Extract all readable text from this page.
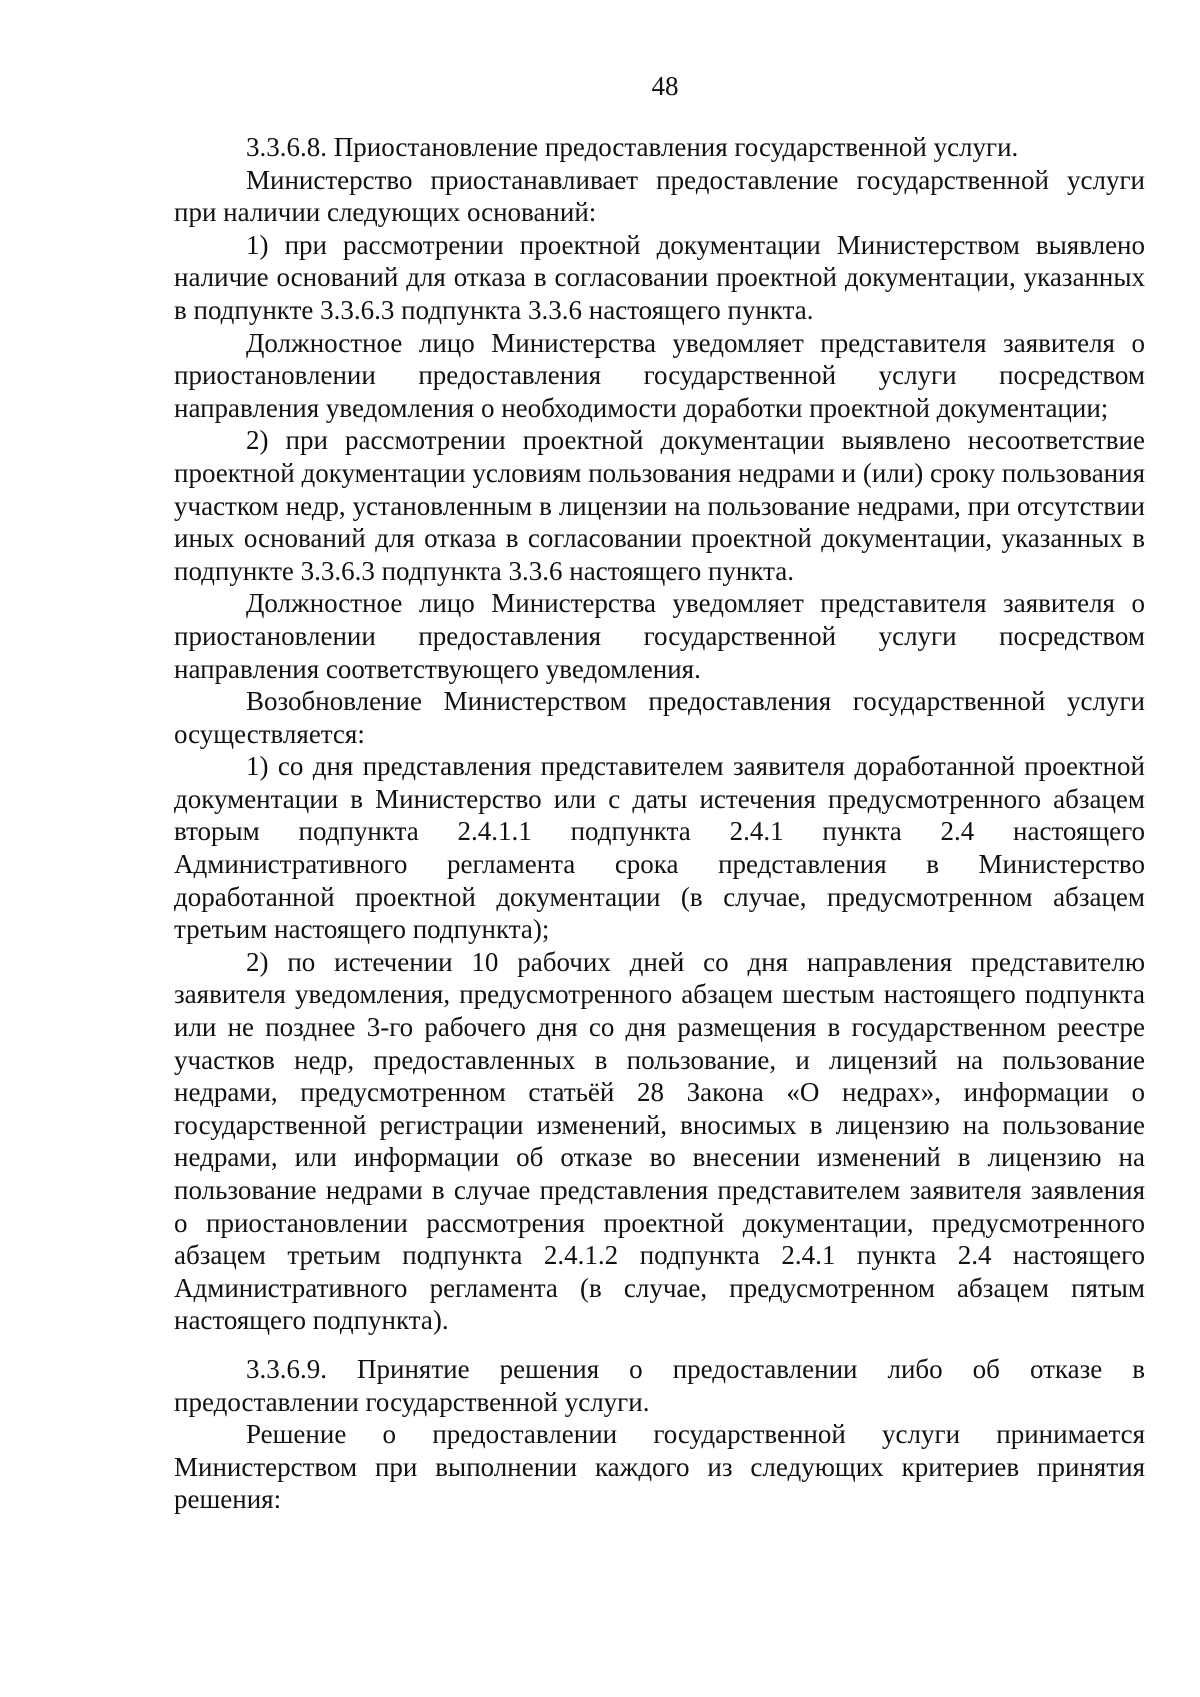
48

3.3.6.8. Приостановление предоставления государственной услуги.

Министерство приостанавливает предоставление государственной услуги при наличии следующих оснований:

1) при рассмотрении проектной документации Министерством выявлено наличие оснований для отказа в согласовании проектной документации, указанных в подпункте 3.3.6.3 подпункта 3.3.6 настоящего пункта.

Должностное лицо Министерства уведомляет представителя заявителя о приостановлении предоставления государственной услуги посредством направления уведомления о необходимости доработки проектной документации;

2) при рассмотрении проектной документации выявлено несоответствие проектной документации условиям пользования недрами и (или) сроку пользования участком недр, установленным в лицензии на пользование недрами, при отсутствии иных оснований для отказа в согласовании проектной документации, указанных в подпункте 3.3.6.3 подпункта 3.3.6 настоящего пункта.

Должностное лицо Министерства уведомляет представителя заявителя о приостановлении предоставления государственной услуги посредством направления соответствующего уведомления.

Возобновление Министерством предоставления государственной услуги осуществляется:

1) со дня представления представителем заявителя доработанной проектной документации в Министерство или с даты истечения предусмотренного абзацем вторым подпункта 2.4.1.1 подпункта 2.4.1 пункта 2.4 настоящего Административного регламента срока представления в Министерство доработанной проектной документации (в случае, предусмотренном абзацем третьим настоящего подпункта);

2) по истечении 10 рабочих дней со дня направления представителю заявителя уведомления, предусмотренного абзацем шестым настоящего подпункта или не позднее 3-го рабочего дня со дня размещения в государственном реестре участков недр, предоставленных в пользование, и лицензий на пользование недрами, предусмотренном статьёй 28 Закона «О недрах», информации о государственной регистрации изменений, вносимых в лицензию на пользование недрами, или информации об отказе во внесении изменений в лицензию на пользование недрами в случае представления представителем заявителя заявления о приостановлении рассмотрения проектной документации, предусмотренного абзацем третьим подпункта 2.4.1.2 подпункта 2.4.1 пункта 2.4 настоящего Административного регламента (в случае, предусмотренном абзацем пятым настоящего подпункта).

3.3.6.9. Принятие решения о предоставлении либо об отказе в предоставлении государственной услуги.

Решение о предоставлении государственной услуги принимается Министерством при выполнении каждого из следующих критериев принятия решения:
